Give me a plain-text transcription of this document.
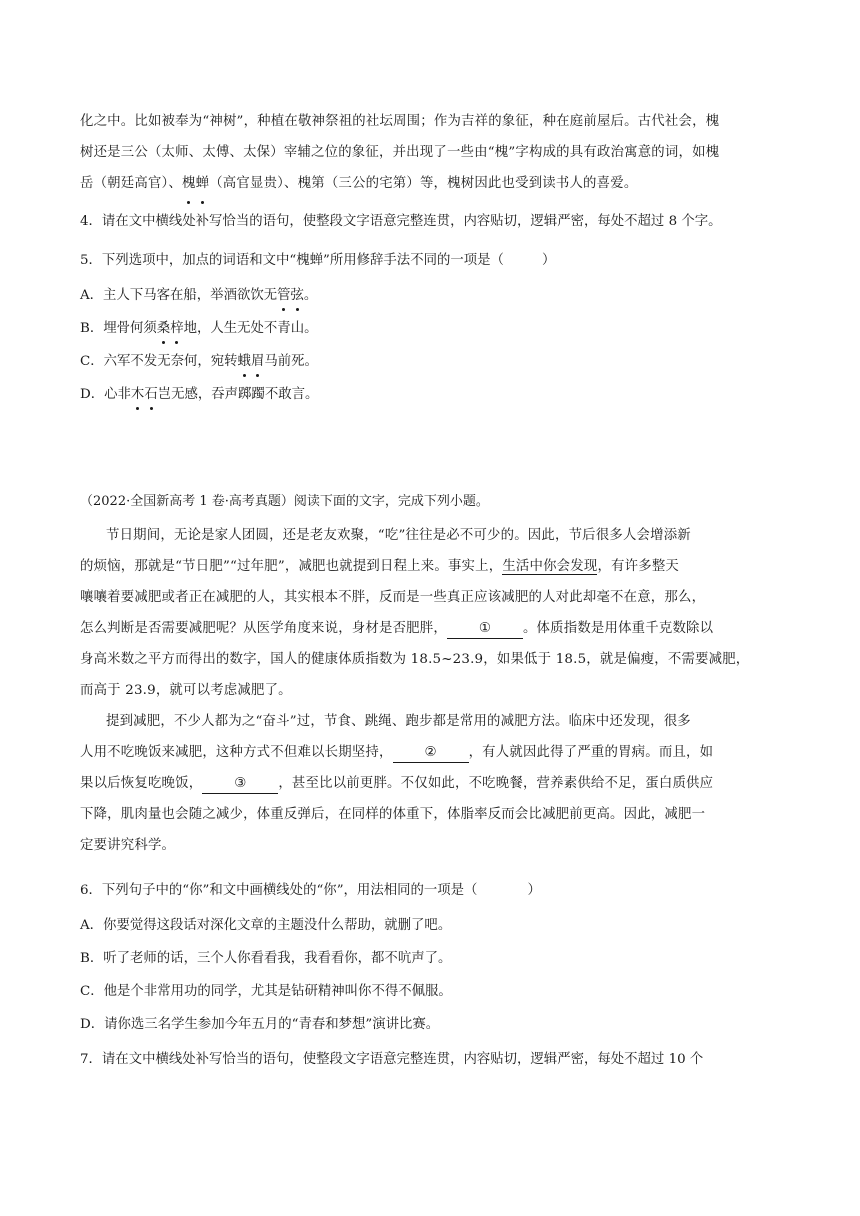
化之中。比如被奉为“神树”，种植在敬神祭祖的社坛周围；作为吉祥的象征，种在庭前屋后。古代社会，槐

树还是三公（太师、太傅、太保）宰辅之位的象征，并出现了一些由“槐”字构成的具有政治寓意的词，如槐

岳（朝廷高官）、槐蝉（高官显贵）、槐第（三公的宅第）等，槐树因此也受到读书人的喜爱。

4．请在文中横线处补写恰当的语句，使整段文字语意完整连贯，内容贴切，逻辑严密，每处不超过 8 个字。

5．下列选项中，加点的词语和文中“槐蝉”所用修辞手法不同的一项是（	）

A．主人下马客在船，举酒欲饮无管弦。

B．埋骨何须桑梓地，人生无处不青山。

C．六军不发无奈何，宛转蛾眉马前死。

D．心非木石岂无感，吞声踯躅不敢言。

（2022·全国新高考 1 卷·高考真题）阅读下面的文字，完成下列小题。

节日期间，无论是家人团圆，还是老友欢聚，“吃”往往是必不可少的。因此，节后很多人会增添新

的烦恼，那就是“节日肥”“过年肥”，减肥也就提到日程上来。事实上，生活中你会发现，有许多整天

嚷嚷着要减肥或者正在减肥的人，其实根本不胖，反而是一些真正应该减肥的人对此却毫不在意，那么，

怎么判断是否需要减肥呢？从医学角度来说，身材是否肥胖， ① 。体质指数是用体重千克数除以

身高米数之平方而得出的数字，国人的健康体质指数为 18.5~23.9，如果低于 18.5，就是偏瘦，不需要减肥，

而高于 23.9，就可以考虑减肥了。

提到减肥，不少人都为之“奋斗”过，节食、跳绳、跑步都是常用的减肥方法。临床中还发现，很多

人用不吃晚饭来减肥，这种方式不但难以长期坚持， ② ，有人就因此得了严重的胃病。而且，如

果以后恢复吃晚饭， ③ ，甚至比以前更胖。不仅如此，不吃晚餐，营养素供给不足，蛋白质供应

下降，肌肉量也会随之减少，体重反弹后，在同样的体重下，体脂率反而会比减肥前更高。因此，减肥一

定要讲究科学。

6．下列句子中的“你”和文中画横线处的“你”，用法相同的一项是（	）

A．你要觉得这段话对深化文章的主题没什么帮助，就删了吧。

B．听了老师的话，三个人你看看我，我看看你，都不吭声了。

C．他是个非常用功的同学，尤其是钻研精神叫你不得不佩服。

D．请你选三名学生参加今年五月的“青春和梦想”演讲比赛。

7．请在文中横线处补写恰当的语句，使整段文字语意完整连贯，内容贴切，逻辑严密，每处不超过 10 个
